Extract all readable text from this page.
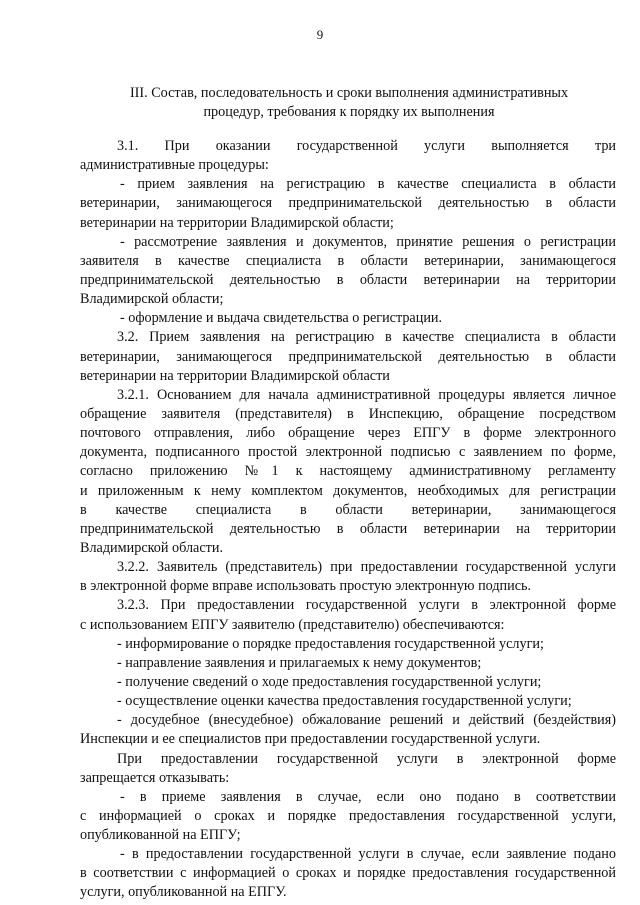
9
III. Состав, последовательность и сроки выполнения административных
процедур, требования к порядку их выполнения
3.1. При оказании государственной услуги выполняется три
административные процедуры:
- прием заявления на регистрацию в качестве специалиста в области
ветеринарии, занимающегося предпринимательской деятельностью в области
ветеринарии на территории Владимирской области;
- рассмотрение заявления и документов, принятие решения о регистрации
заявителя в качестве специалиста в области ветеринарии, занимающегося
предпринимательской деятельностью в области ветеринарии на территории
Владимирской области;
- оформление и выдача свидетельства о регистрации.
3.2. Прием заявления на регистрацию в качестве специалиста в области
ветеринарии, занимающегося предпринимательской деятельностью в области
ветеринарии на территории Владимирской области
3.2.1. Основанием для начала административной процедуры является личное
обращение заявителя (представителя) в Инспекцию, обращение посредством
почтового отправления, либо обращение через ЕПГУ в форме электронного
документа, подписанного простой электронной подписью с заявлением по форме,
согласно приложению №1 к настоящему административному регламенту
и приложенным к нему комплектом документов, необходимых для регистрации
в качестве специалиста в области ветеринарии, занимающегося
предпринимательской деятельностью в области ветеринарии на территории
Владимирской области.
3.2.2. Заявитель (представитель) при предоставлении государственной услуги
в электронной форме вправе использовать простую электронную подпись.
3.2.3. При предоставлении государственной услуги в электронной форме
с использованием ЕПГУ заявителю (представителю) обеспечиваются:
- информирование о порядке предоставления государственной услуги;
- направление заявления и прилагаемых к нему документов;
- получение сведений о ходе предоставления государственной услуги;
- осуществление оценки качества предоставления государственной услуги;
- досудебное (внесудебное) обжалование решений и действий (бездействия)
Инспекции и ее специалистов при предоставлении государственной услуги.
При предоставлении государственной услуги в электронной форме
запрещается отказывать:
- в приеме заявления в случае, если оно подано в соответствии
с информацией о сроках и порядке предоставления государственной услуги,
опубликованной на ЕПГУ;
- в предоставлении государственной услуги в случае, если заявление подано
в соответствии с информацией о сроках и порядке предоставления государственной
услуги, опубликованной на ЕПГУ.
